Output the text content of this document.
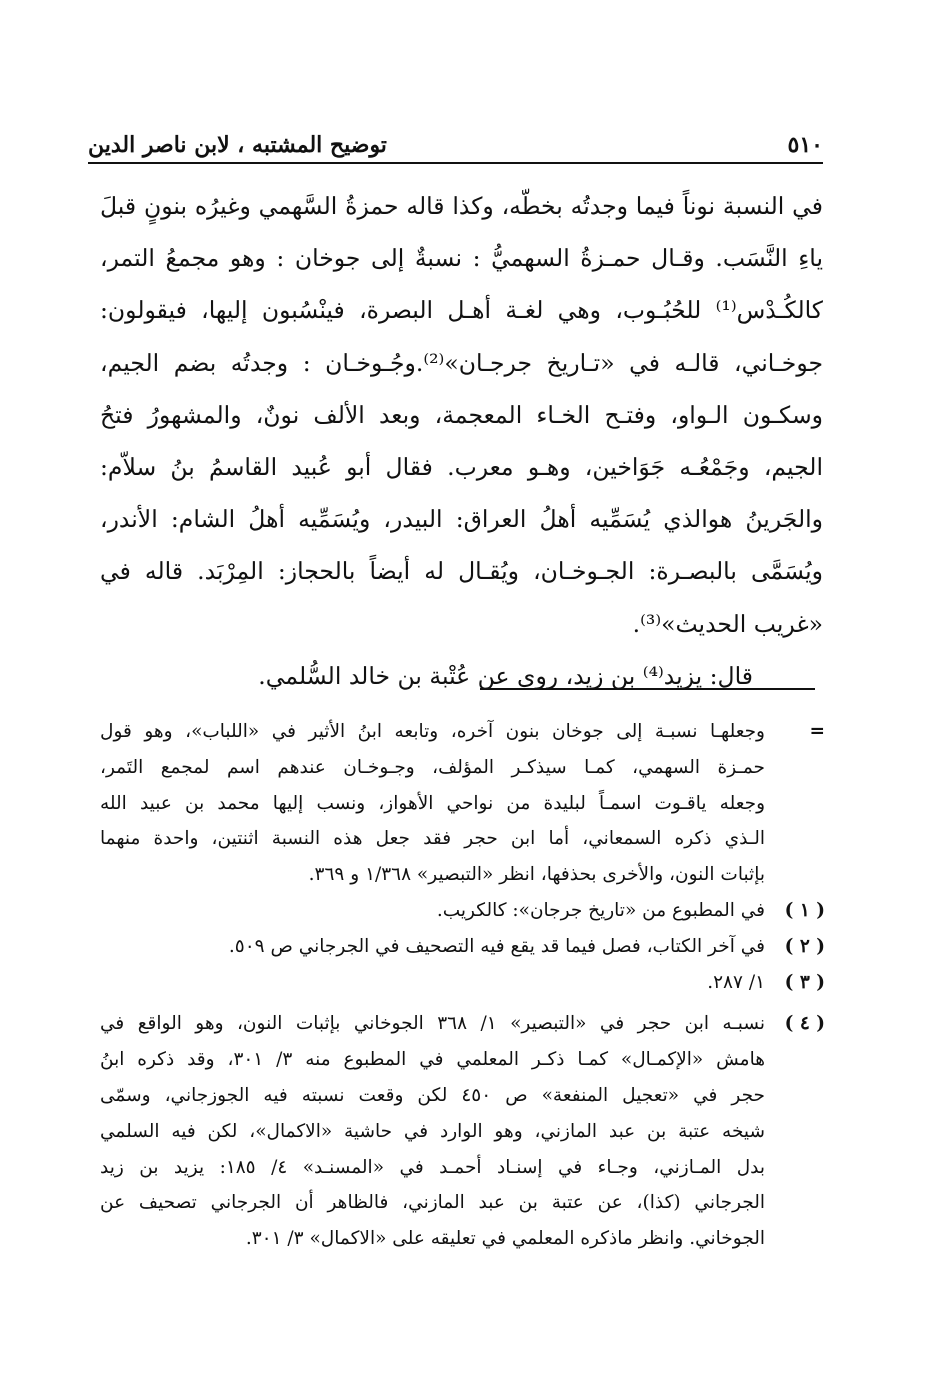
٥١٠
توضيح المشتبه ، لابن ناصر الدين
في النسبة نوناً فيما وجدتُه بخطّه، وكذا قاله حمزةُ السَّهمي وغيرُه بنونٍ قبلَ
ياءِ النَّسَب. وقـال حمـزةُ السهميُّ : نسبةٌ إلى جوخان : وهو مجمعُ التمر،
كالكُـدْس⁽¹⁾ للحُبُـوب، وهي لغـة أهـل البصرة، فينْسُبون إليها، فيقولون:
جوخـاني، قالـه في «تـاريخ جرجـان»⁽²⁾.وجُـوخـان : وجدتُه بضم الجيم،
وسكـون الـواو، وفتـح الخـاء المعجمة، وبعد الألف نونٌ، والمشهورُ فتحُ
الجيم، وجَمْعُـه جَوَاخين، وهـو معرب. فقال أبو عُبيد القاسمُ بنُ سلاّم:
والجَرينُ هوالذي يُسَمِّيه أهلُ العراق: البيدر، ويُسَمِّيه أهلُ الشام: الأندر،
ويُسَمَّى بالبصـرة: الجـوخـان، ويُقـال له أيضاً بالحجاز: المِرْبَد. قاله في
«غريب الحديث»⁽³⁾.
قال: يزيد⁽⁴⁾ بن زيد، روى عن عُتْبة بن خالد السُّلمي.
=
وجعلهـا نسبـة إلى جوخان بنون آخره، وتابعه ابنُ الأثير في «اللباب»، وهو قول
حمـزة السهمي، كمـا سيذكـر المؤلف، وجـوخـان عندهم اسم لمجمع التَمر،
وجعله ياقـوت اسمـاً لبليدة من نواحي الأهواز، ونسب إليها محمد بن عبيد الله
الـذي ذكره السمعاني، أما ابن حجر فقد جعل هذه النسبة اثنتين، واحدة منهما
بإثبات النون، والأخرى بحذفها، انظر «التبصير» ١/٣٦٨ و ٣٦٩.
( ١ )
في المطبوع من «تاريخ جرجان»: كالكريب.
( ٢ )
في آخر الكتاب، فصل فيما قد يقع فيه التصحيف في الجرجاني ص ٥٠٩.
( ٣ )
١/ ٢٨٧.
( ٤ )
نسبـه ابن حجر في «التبصير» ١/ ٣٦٨ الجوخاني بإثبات النون، وهو الواقع في
هامش «الإكمـال» كمـا ذكـر المعلمي في المطبوع منه ٣/ ٣٠١، وقد ذكره ابنُ
حجر في «تعجيل المنفعة» ص ٤٥٠ لكن وقعت نسبته فيه الجوزجاني، وسمّى
شيخه عتبة بن عبد المازني، وهو الوارد في حاشية «الاكمال»، لكن فيه السلمي
بدل المـازني، وجـاء في إسنـاد أحمـد في «المسنـد» ٤/ ١٨٥: يزيد بن زيد
الجرجاني (كذا)، عن عتبة بن عبد المازني، فالظاهر أن الجرجاني تصحيف عن
الجوخاني. وانظر ماذكره المعلمي في تعليقه على «الاكمال» ٣/ ٣٠١.
